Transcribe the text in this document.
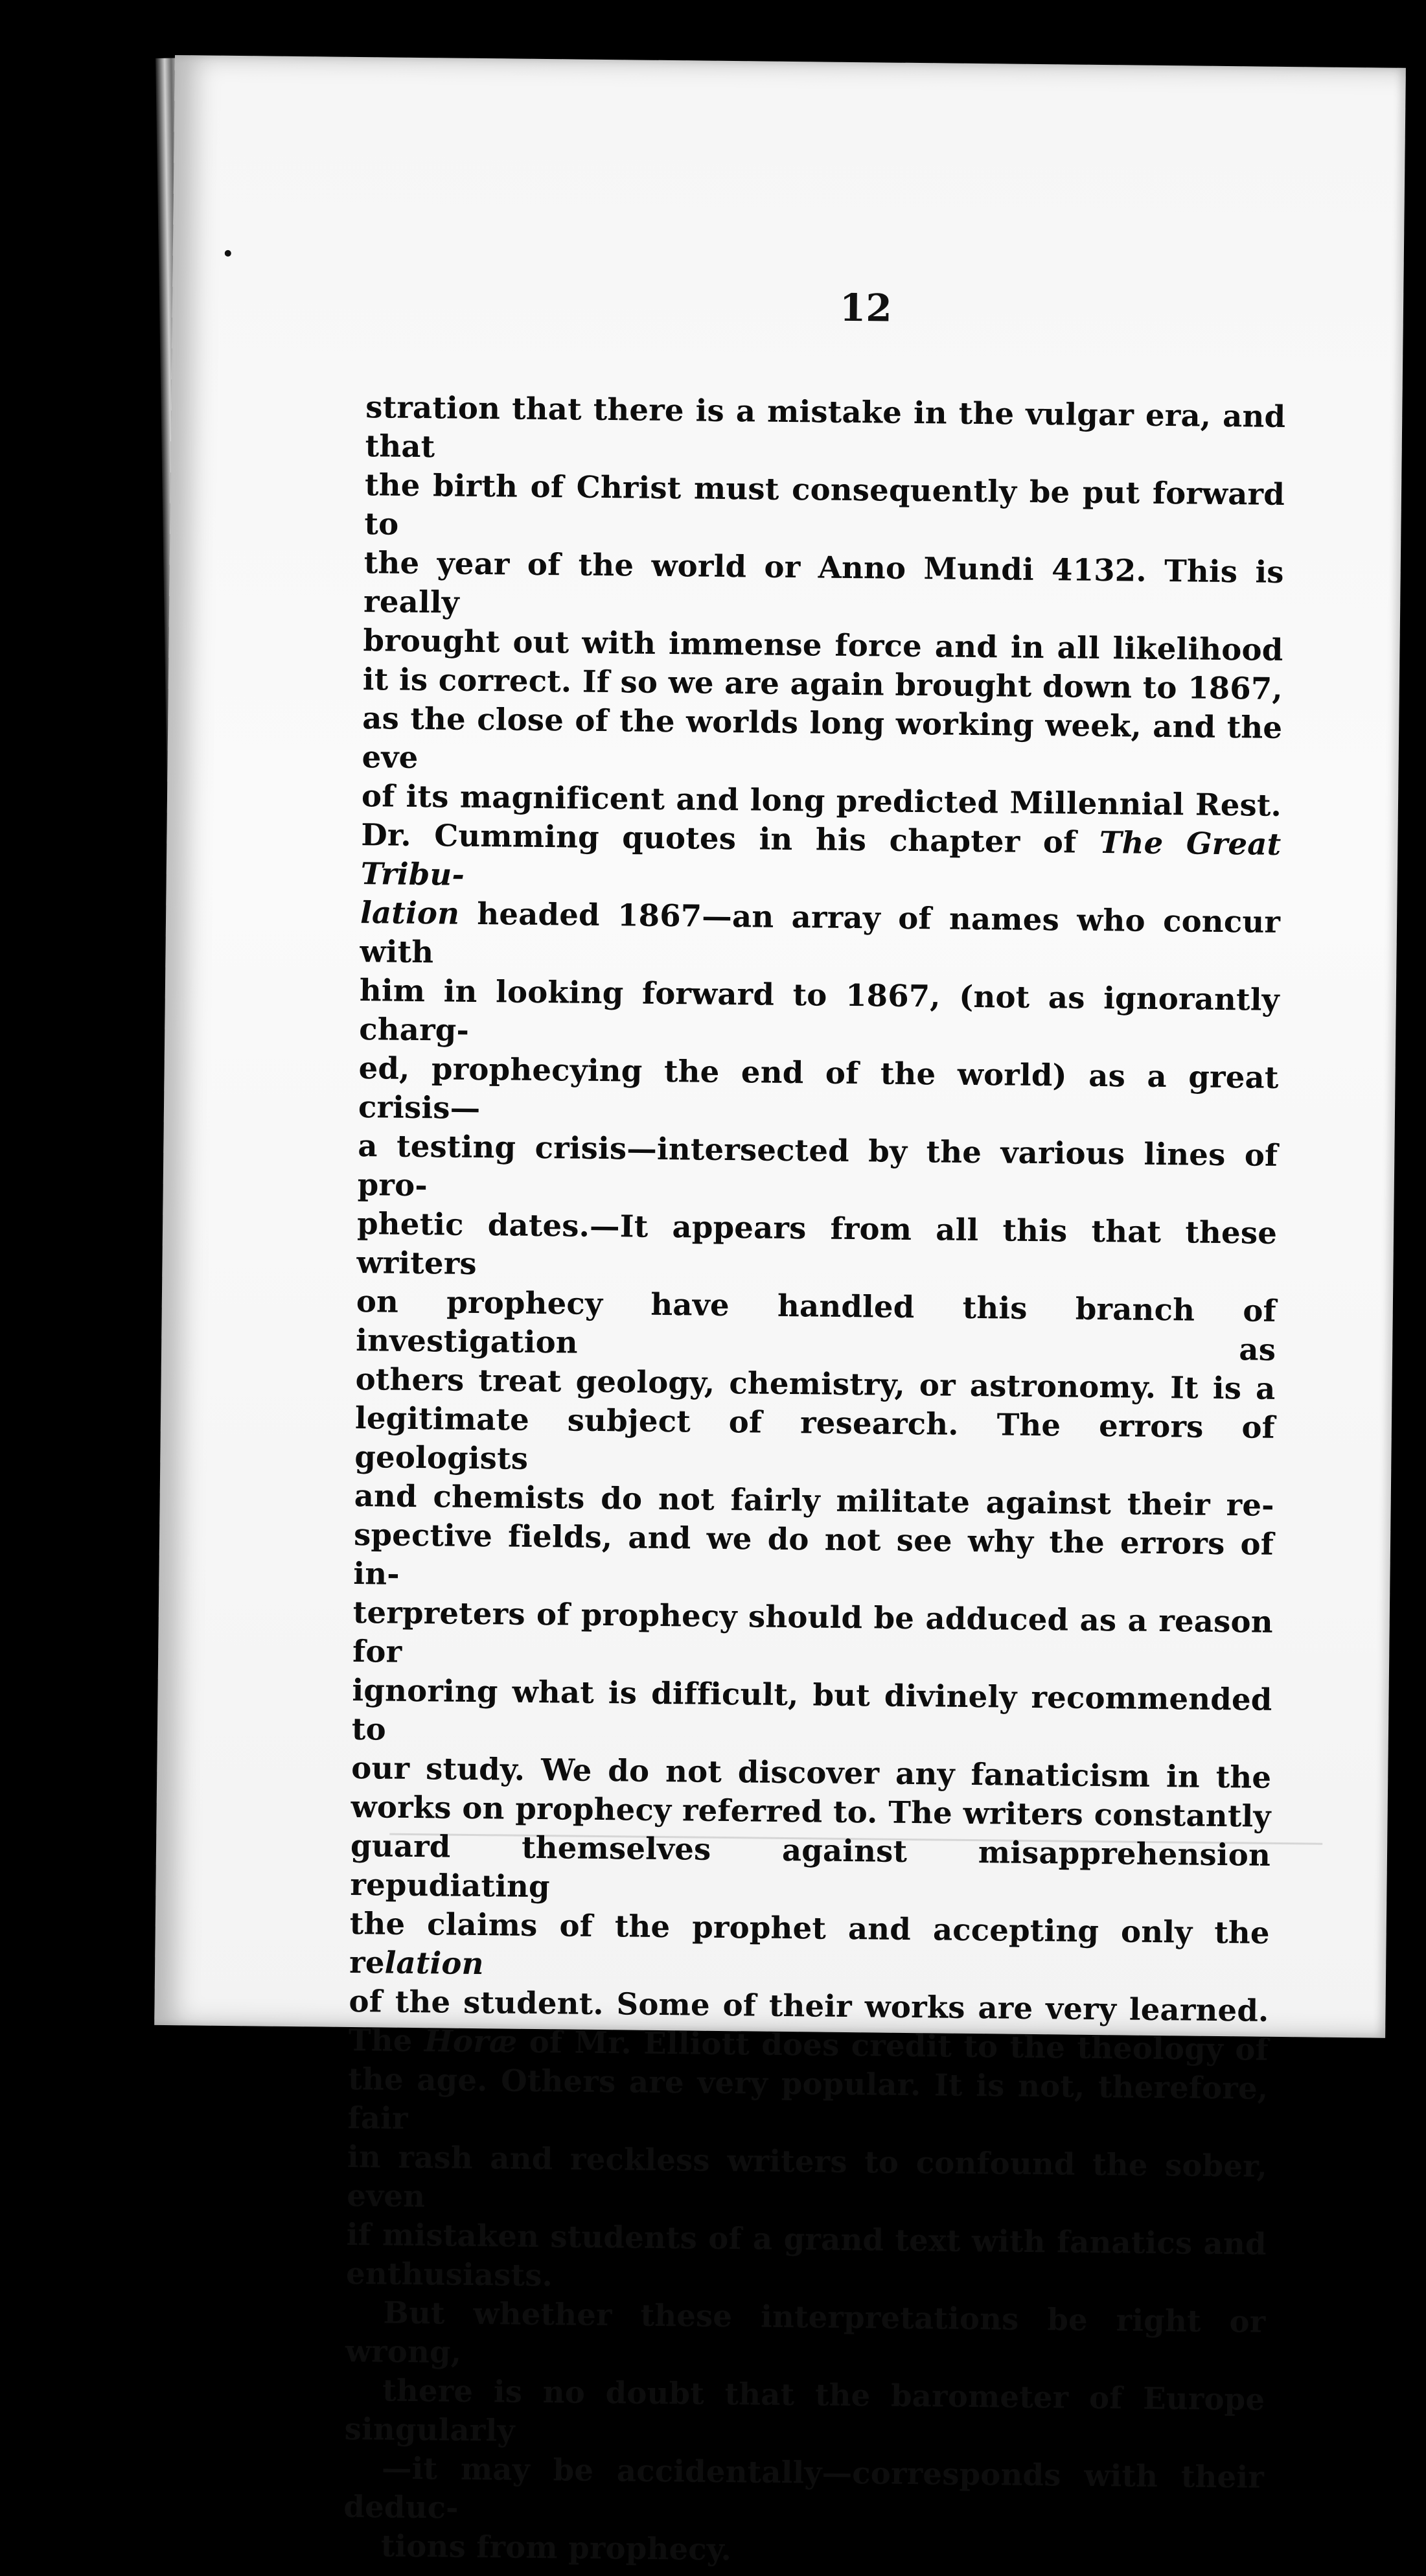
12

stration that there is a mistake in the vulgar era, and that
the birth of Christ must consequently be put forward to
the year of the world or Anno Mundi 4132. This is really
brought out with immense force and in all likelihood
it is correct. If so we are again brought down to 1867,
as the close of the worlds long working week, and the eve
of its magnificent and long predicted Millennial Rest.
Dr. Cumming quotes in his chapter of The Great Tribu-
lation headed 1867—an array of names who concur with
him in looking forward to 1867, (not as ignorantly charg-
ed, prophecying the end of the world) as a great crisis—
a testing crisis—intersected by the various lines of pro-
phetic dates.—It appears from all this that these writers
on prophecy have handled this branch of investigation as
others treat geology, chemistry, or astronomy. It is a
legitimate subject of research. The errors of geologists
and chemists do not fairly militate against their re-
spective fields, and we do not see why the errors of in-
terpreters of prophecy should be adduced as a reason for
ignoring what is difficult, but divinely recommended to
our study. We do not discover any fanaticism in the
works on prophecy referred to. The writers constantly
guard themselves against misapprehension repudiating
the claims of the prophet and accepting only the relation
of the student. Some of their works are very learned.
The Horæ of Mr. Elliott does credit to the theology of
the age. Others are very popular. It is not, therefore, fair
in rash and reckless writers to confound the sober, even
if mistaken students of a grand text with fanatics and
enthusiasts.

But whether these interpretations be right or wrong,
there is no doubt that the barometer of Europe singularly
—it may be accidentally—corresponds with their deduc-
tions from prophecy.
